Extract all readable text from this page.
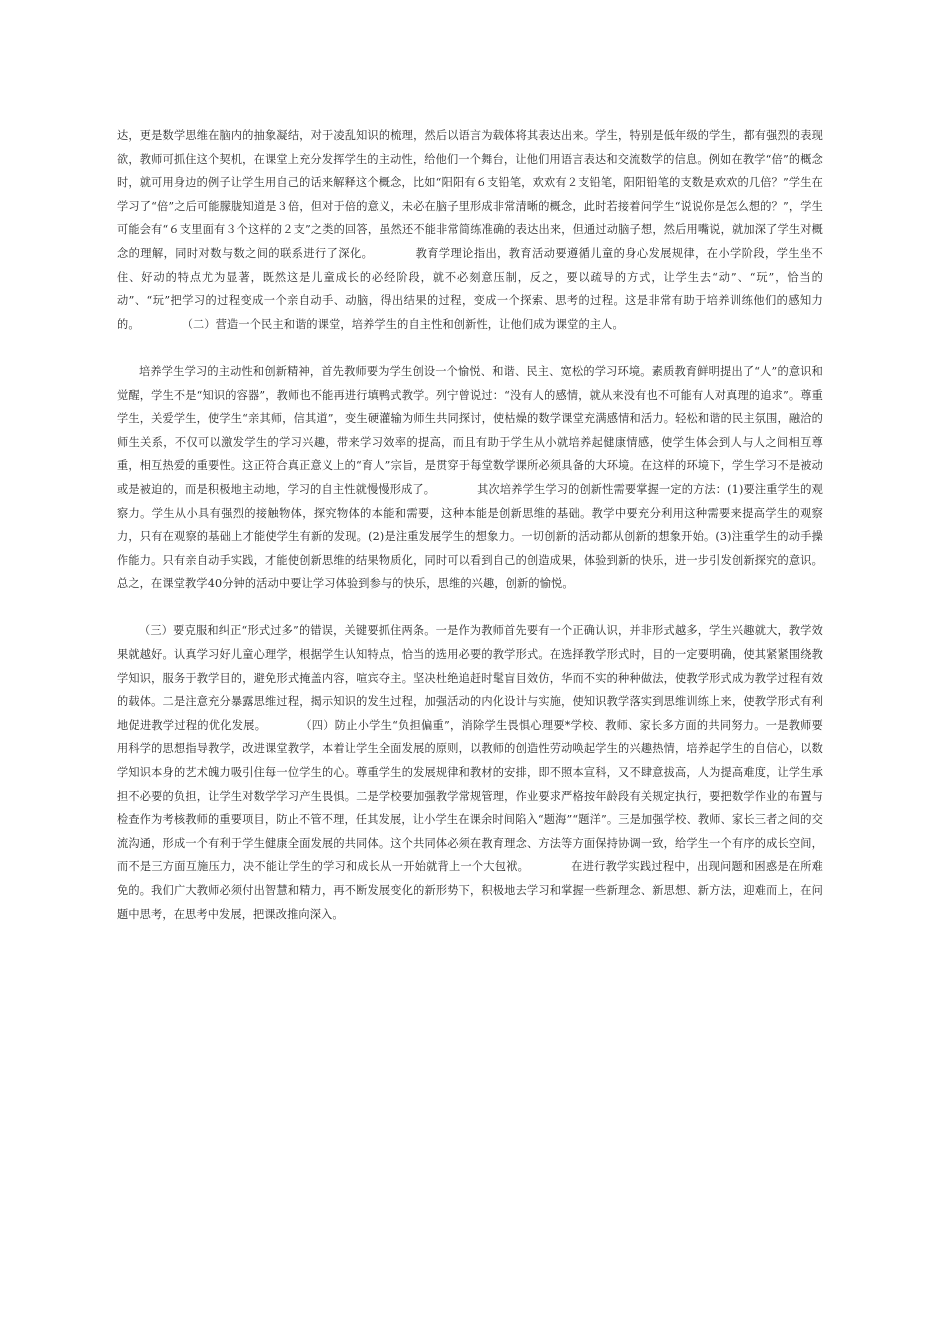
达，更是数学思维在脑内的抽象凝结，对于凌乱知识的梳理，然后以语言为载体将其表达出来。学生，特别是低年级的学生，都有强烈的表现欲，教师可抓住这个契机，在课堂上充分发挥学生的主动性，给他们一个舞台，让他们用语言表达和交流数学的信息。例如在教学“倍”的概念时，就可用身边的例子让学生用自己的话来解释这个概念，比如“阳阳有６支铅笔，欢欢有２支铅笔，阳阳铅笔的支数是欢欢的几倍？”学生在学习了“倍”之后可能朦胧知道是３倍，但对于倍的意义，未必在脑子里形成非常清晰的概念，此时若接着问学生“说说你是怎么想的？”，学生可能会有“６支里面有３个这样的２支”之类的回答，虽然还不能非常简练准确的表达出来，但通过动脑子想，然后用嘴说，就加深了学生对概念的理解，同时对数与数之间的联系进行了深化。	教育学理论指出，教育活动要遵循儿童的身心发展规律，在小学阶段，学生坐不住、好动的特点尤为显著，既然这是儿童成长的必经阶段，就不必刻意压制，反之，要以疏导的方式，让学生去“动”、“玩”，恰当的动”、“玩”把学习的过程变成一个亲自动手、动脑，得出结果的过程，变成一个探索、思考的过程。这是非常有助于培养训练他们的感知力的。	（二）营造一个民主和谐的课堂，培养学生的自主性和创新性，让他们成为课堂的主人。
培养学生学习的主动性和创新精神，首先教师要为学生创设一个愉悦、和谐、民主、宽松的学习环境。素质教育鲜明提出了“人”的意识和觉醒，学生不是“知识的容器”，教师也不能再进行填鸭式教学。列宁曾说过：“没有人的感情，就从来没有也不可能有人对真理的追求”。尊重学生，关爱学生，使学生“亲其师，信其道”，变生硬灌输为师生共同探讨，使枯燥的数学课堂充满感情和活力。轻松和谐的民主氛围，融洽的师生关系，不仅可以激发学生的学习兴趣，带来学习效率的提高，而且有助于学生从小就培养起健康情感，使学生体会到人与人之间相互尊重，相互热爱的重要性。这正符合真正意义上的“育人”宗旨，是贯穿于每堂数学课所必须具备的大环境。在这样的环境下，学生学习不是被动或是被迫的，而是积极地主动地，学习的自主性就慢慢形成了。	其次培养学生学习的创新性需要掌握一定的方法：(1)要注重学生的观察力。学生从小具有强烈的接触物体，探究物体的本能和需要，这种本能是创新思维的基础。教学中要充分利用这种需要来提高学生的观察力，只有在观察的基础上才能使学生有新的发现。(2)是注重发展学生的想象力。一切创新的活动都从创新的想象开始。(3)注重学生的动手操作能力。只有亲自动手实践，才能使创新思维的结果物质化，同时可以看到自己的创造成果，体验到新的快乐，进一步引发创新探究的意识。总之，在课堂教学40分钟的活动中要让学习体验到参与的快乐，思维的兴趣，创新的愉悦。
（三）要克服和纠正“形式过多”的错误，关键要抓住两条。一是作为教师首先要有一个正确认识，并非形式越多，学生兴趣就大，教学效果就越好。认真学习好儿童心理学，根据学生认知特点，恰当的选用必要的教学形式。在选择教学形式时，目的一定要明确，使其紧紧围绕教学知识，服务于教学目的，避免形式掩盖内容，喧宾夺主。坚决杜绝追赶时髦盲目效仿，华而不实的种种做法，使教学形式成为教学过程有效的载体。二是注意充分暴露思维过程，揭示知识的发生过程，加强活动的内化设计与实施，使知识教学落实到思维训练上来，使教学形式有利地促进教学过程的优化发展。	（四）防止小学生“负担偏重”，消除学生畏惧心理要*学校、教师、家长多方面的共同努力。一是教师要用科学的思想指导教学，改进课堂教学，本着让学生全面发展的原则，以教师的创造性劳动唤起学生的兴趣热情，培养起学生的自信心，以数学知识本身的艺术魄力吸引住每一位学生的心。尊重学生的发展规律和教材的安排，即不照本宣科，又不肆意拔高，人为提高难度，让学生承担不必要的负担，让学生对数学学习产生畏惧。二是学校要加强教学常规管理，作业要求严格按年龄段有关规定执行，要把数学作业的布置与检查作为考核教师的重要项目，防止不管不理，任其发展，让小学生在课余时间陷入“题海”“题洋”。三是加强学校、教师、家长三者之间的交流沟通，形成一个有利于学生健康全面发展的共同体。这个共同体必须在教育理念、方法等方面保持协调一致，给学生一个有序的成长空间，而不是三方面互施压力，决不能让学生的学习和成长从一开始就背上一个大包袱。	在进行教学实践过程中，出现问题和困惑是在所难免的。我们广大教师必须付出智慧和精力，再不断发展变化的新形势下，积极地去学习和掌握一些新理念、新思想、新方法，迎难而上，在问题中思考，在思考中发展，把课改推向深入。
